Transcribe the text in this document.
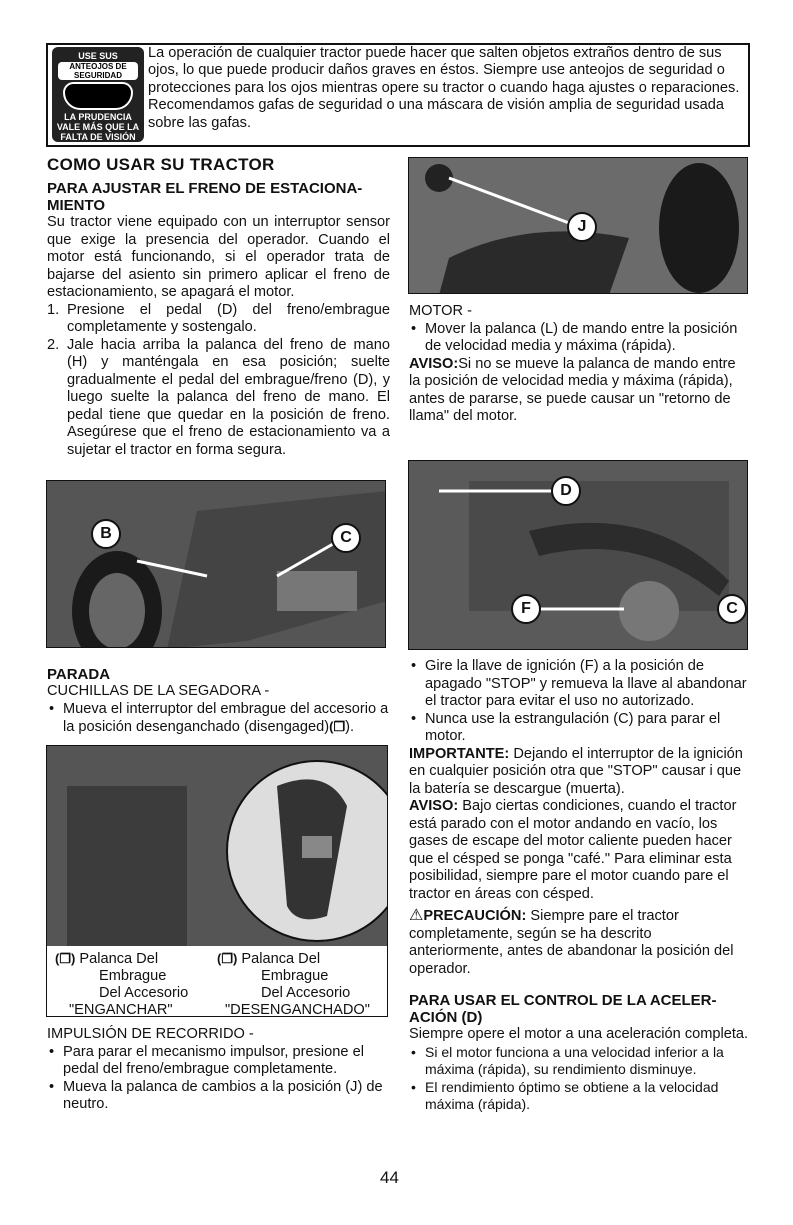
USE SUS
ANTEOJOS DE
SEGURIDAD
LA PRUDENCIA
VALE MÁS QUE LA
FALTA DE VISIÓN
La operación de cualquier tractor puede hacer que salten objetos extraños dentro de sus ojos, lo que puede producir daños graves en éstos. Siempre use anteojos de seguridad o protecciones para los ojos mientras opere su tractor o cuando haga ajustes o reparaciones. Recomendamos gafas de seguridad o una máscara de visión amplia de seguridad usada sobre las gafas.
COMO USAR SU TRACTOR
PARA AJUSTAR EL FRENO DE ESTACIONA-MIENTO

Su tractor viene equipado con un interruptor sensor que exige la presencia del operador. Cuando el motor está funcionando, si el operador trata de bajarse del asiento sin primero aplicar el freno de estacionamiento, se apagará el motor.

1. Presione el pedal (D) del freno/embrague completamente y sostengalo.
2. Jale hacia arriba la palanca del freno de mano (H) y manténgala en esa posición; suelte gradualmente el pedal del embrague/freno (D), y luego suelte la palanca del freno de mano. El pedal tiene que quedar en la posición de freno. Asegúrese que el freno de estacionamiento va a sujetar el tractor en forma segura.
B	C
PARADA

CUCHILLAS DE LA SEGADORA -

• Mueva el interruptor del embrague del accesorio a la posición desenganchado (disengaged)(❐).
(❐) Palanca Del
Embrague
Del Accesorio
"ENGANCHAR"
(❐) Palanca Del
Embrague
Del Accesorio
"DESENGANCHADO"

IMPULSIÓN DE RECORRIDO -

• Para parar el mecanismo impulsor, presione el pedal del freno/embrague completamente.
• Mueva la palanca de cambios a la posición (J) de neutro.
J

MOTOR -

• Mover la palanca (L) de mando entre la posición de velocidad media y máxima (rápida).

AVISO:Si no se mueve la palanca de mando entre la posición de velocidad media y máxima (rápida), antes de pararse, se puede causar un "retorno de llama" del motor.

D
F	C
• Gire la llave de ignición (F) a la posición de apagado "STOP" y remueva la llave al abandonar el tractor para evitar el uso no autorizado.
• Nunca use la estrangulación (C) para parar el motor.

IMPORTANTE: Dejando el interruptor de la ignición en cualquier posición otra que "STOP" causar i que la batería se descargue (muerta).

AVISO: Bajo ciertas condiciones, cuando el tractor está parado con el motor andando en vacío, los gases de escape del motor caliente pueden hacer que el césped se ponga "café." Para eliminar esta posibilidad, siempre pare el motor cuando pare el tractor en áreas con césped.

⚠PRECAUCIÓN: Siempre pare el tractor completamente, según se ha descrito anteriormente, antes de abandonar la posición del operador.

PARA USAR EL CONTROL DE LA ACELER-ACIÓN (D)

Siempre opere el motor a una aceleración completa.

• Si el motor funciona a una velocidad inferior a la máxima (rápida), su rendimiento disminuye.
• El rendimiento óptimo se obtiene a la velocidad máxima (rápida).
44
